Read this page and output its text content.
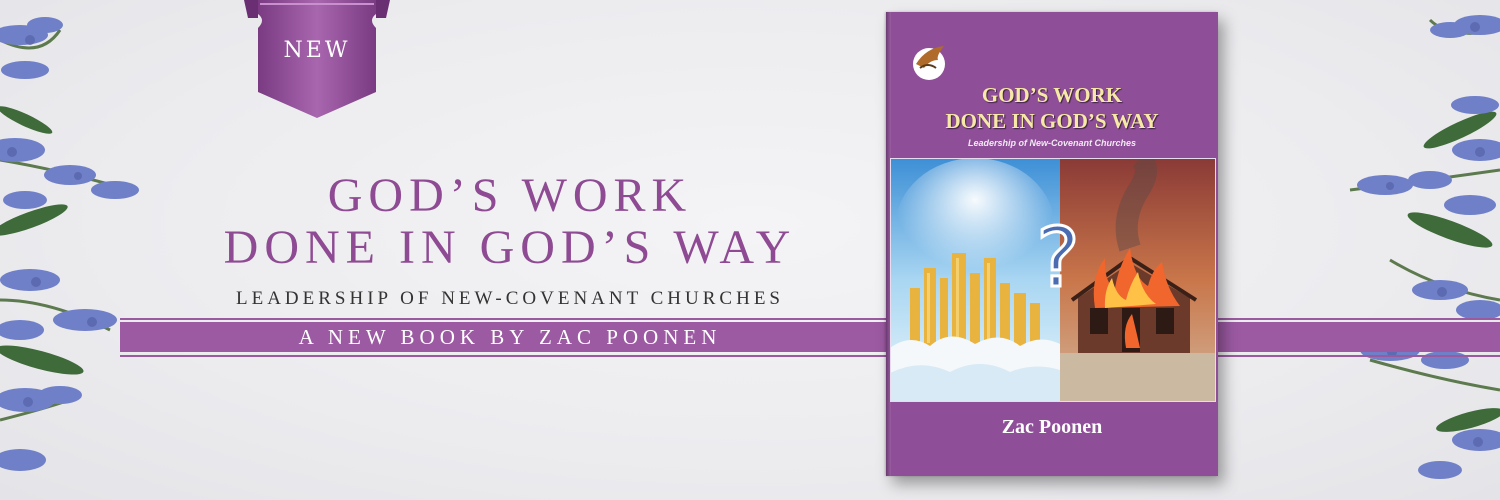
NEW
GOD’S WORK
DONE IN GOD’S WAY
LEADERSHIP OF NEW-COVENANT CHURCHES
A NEW BOOK BY ZAC POONEN
GOD’S WORK
DONE IN GOD’S WAY
Leadership of New-Covenant Churches
?
Zac Poonen
